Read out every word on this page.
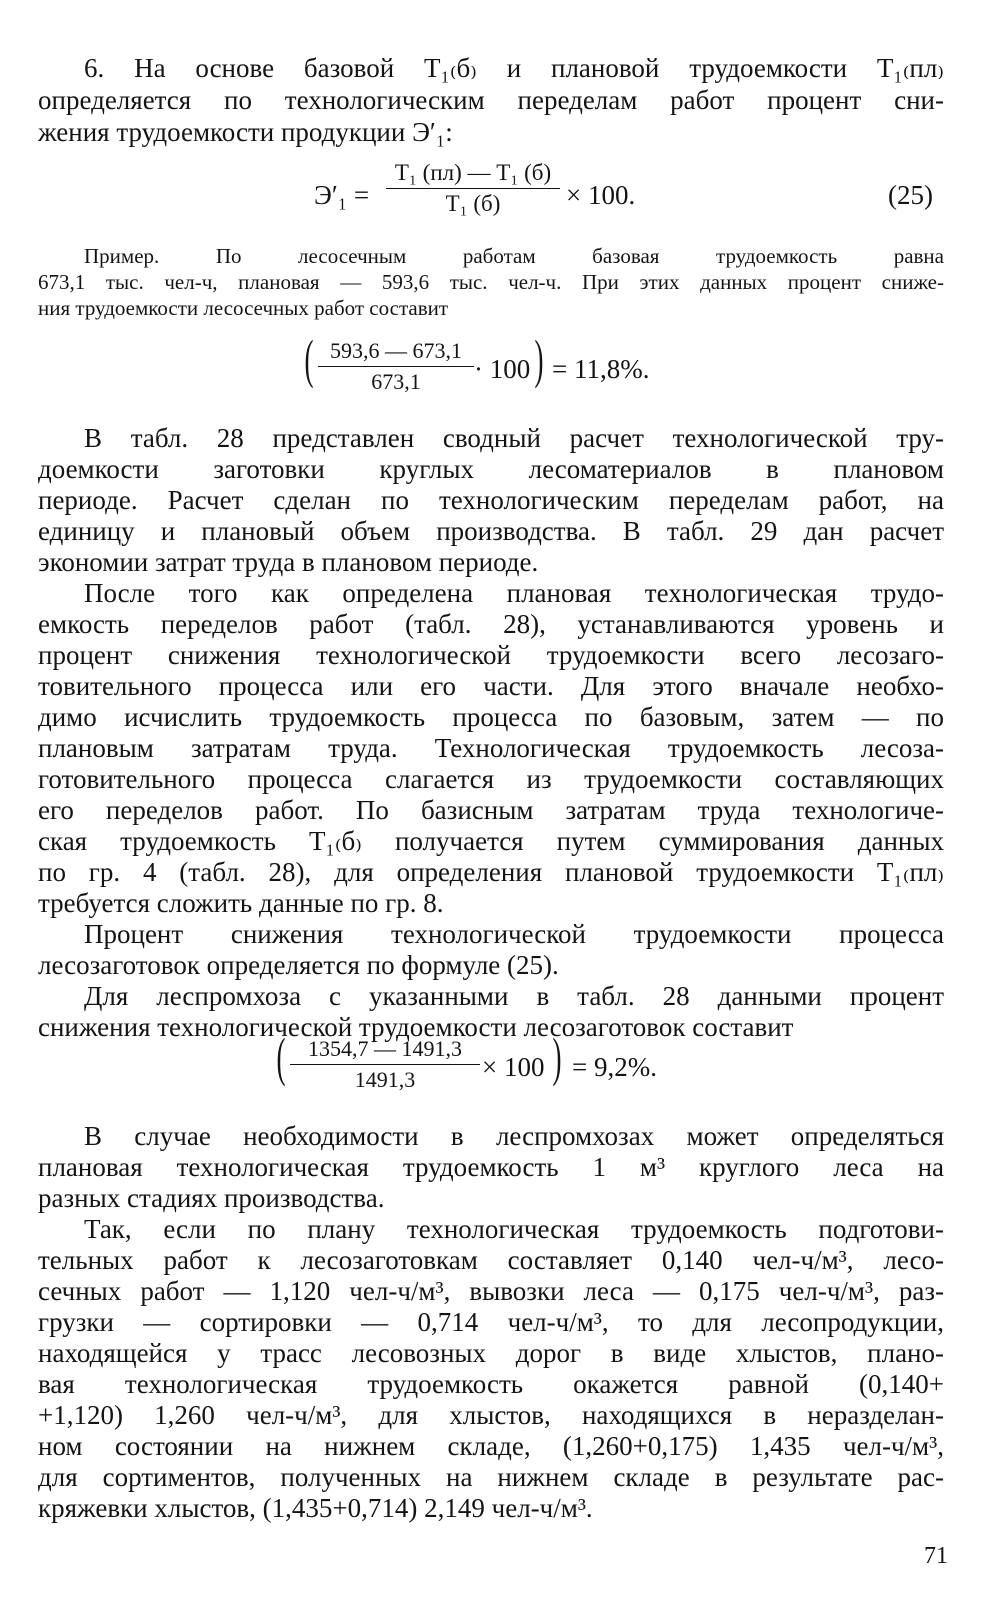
6. На основе базовой Т₁₍б₎ и плановой трудоемкости Т₁₍пл₎
определяется по технологическим переделам работ процент сни-
жения трудоемкости продукции Э′₁:
Э′₁ =
Т₁ (пл) — Т₁ (б)
Т₁ (б)	× 100.	(25)
Пример. По лесосечным работам базовая трудоемкость равна
673,1 тыс. чел-ч, плановая — 593,6 тыс. чел-ч. При этих данных процент сниже-
ния трудоемкости лесосечных работ составит
( 593,6 — 673,1
673,1	· 100 ) = 11,8%.
В табл. 28 представлен сводный расчет технологической тру-
доемкости заготовки круглых лесоматериалов в плановом
периоде. Расчет сделан по технологическим переделам работ, на
единицу и плановый объем производства. В табл. 29 дан расчет
экономии затрат труда в плановом периоде.
После того как определена плановая технологическая трудо-
емкость переделов работ (табл. 28), устанавливаются уровень и
процент снижения технологической трудоемкости всего лесозаго-
товительного процесса или его части. Для этого вначале необхо-
димо исчислить трудоемкость процесса по базовым, затем — по
плановым затратам труда. Технологическая трудоемкость лесоза-
готовительного процесса слагается из трудоемкости составляющих
его переделов работ. По базисным затратам труда технологиче-
ская трудоемкость Т₁₍б₎ получается путем суммирования данных
по гр. 4 (табл. 28), для определения плановой трудоемкости Т₁₍пл₎
требуется сложить данные по гр. 8.
Процент снижения технологической трудоемкости процесса
лесозаготовок определяется по формуле (25).
Для леспромхоза с указанными в табл. 28 данными процент
снижения технологической трудоемкости лесозаготовок составит
(	1354,7 — 1491,3
1491,3	× 100 ) = 9,2%.
В случае необходимости в леспромхозах может определяться
плановая технологическая трудоемкость 1 м³ круглого леса на
разных стадиях производства.
Так, если по плану технологическая трудоемкость подготови-
тельных работ к лесозаготовкам составляет 0,140 чел-ч/м³, лесо-
сечных работ — 1,120 чел-ч/м³, вывозки леса — 0,175 чел-ч/м³, раз-
грузки — сортировки — 0,714 чел-ч/м³, то для лесопродукции,
находящейся у трасс лесовозных дорог в виде хлыстов, плано-
вая технологическая трудоемкость окажется равной (0,140+
+1,120) 1,260 чел-ч/м³, для хлыстов, находящихся в неразделан-
ном состоянии на нижнем складе, (1,260+0,175) 1,435 чел-ч/м³,
для сортиментов, полученных на нижнем складе в результате рас-
кряжевки хлыстов, (1,435+0,714) 2,149 чел-ч/м³.
71
